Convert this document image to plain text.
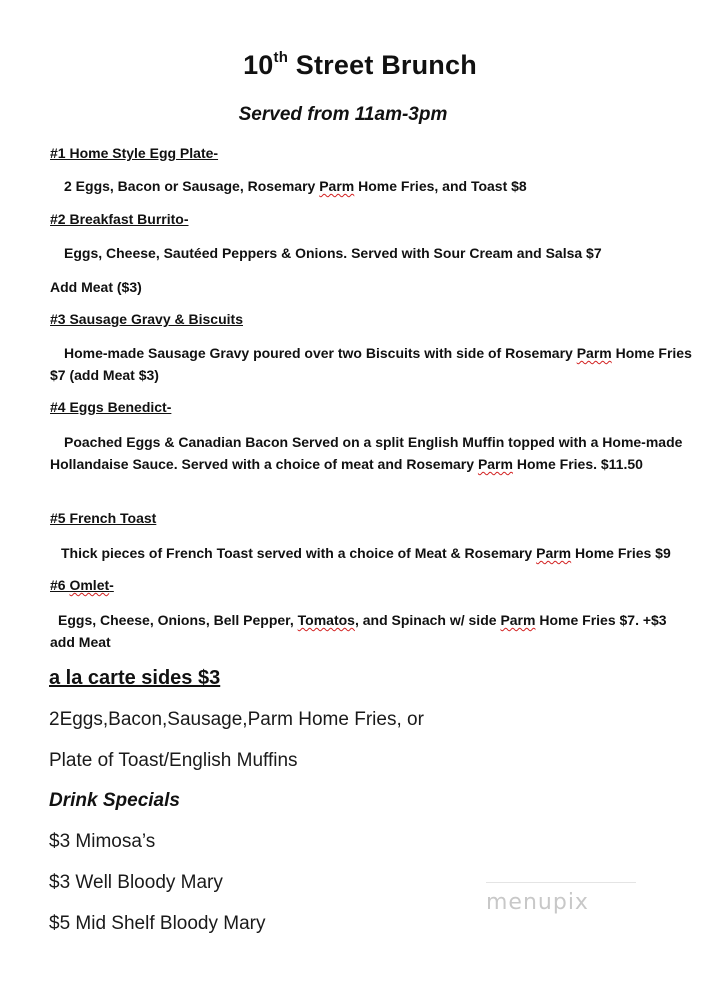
10th Street Brunch
Served from 11am-3pm
#1 Home Style Egg Plate-
2 Eggs, Bacon or Sausage, Rosemary Parm Home Fries, and Toast $8
#2 Breakfast Burrito-
Eggs, Cheese, Sautéed Peppers & Onions. Served with Sour Cream and Salsa $7
Add Meat ($3)
#3 Sausage Gravy & Biscuits
Home-made Sausage Gravy poured over two Biscuits with side of Rosemary Parm Home Fries $7 (add Meat $3)
#4 Eggs Benedict-
Poached Eggs & Canadian Bacon Served on a split English Muffin topped with a Home-made Hollandaise Sauce. Served with a choice of meat and Rosemary Parm Home Fries. $11.50
#5 French Toast
Thick pieces of French Toast served with a choice of Meat & Rosemary Parm Home Fries $9
#6 Omlet-
Eggs, Cheese, Onions, Bell Pepper, Tomatos, and Spinach w/ side Parm Home Fries $7. +$3 add Meat
a la carte sides $3
2Eggs,Bacon,Sausage,Parm Home Fries, or
Plate of Toast/English Muffins
Drink Specials
$3 Mimosa’s
$3 Well Bloody Mary
$5 Mid Shelf Bloody Mary
menupix
